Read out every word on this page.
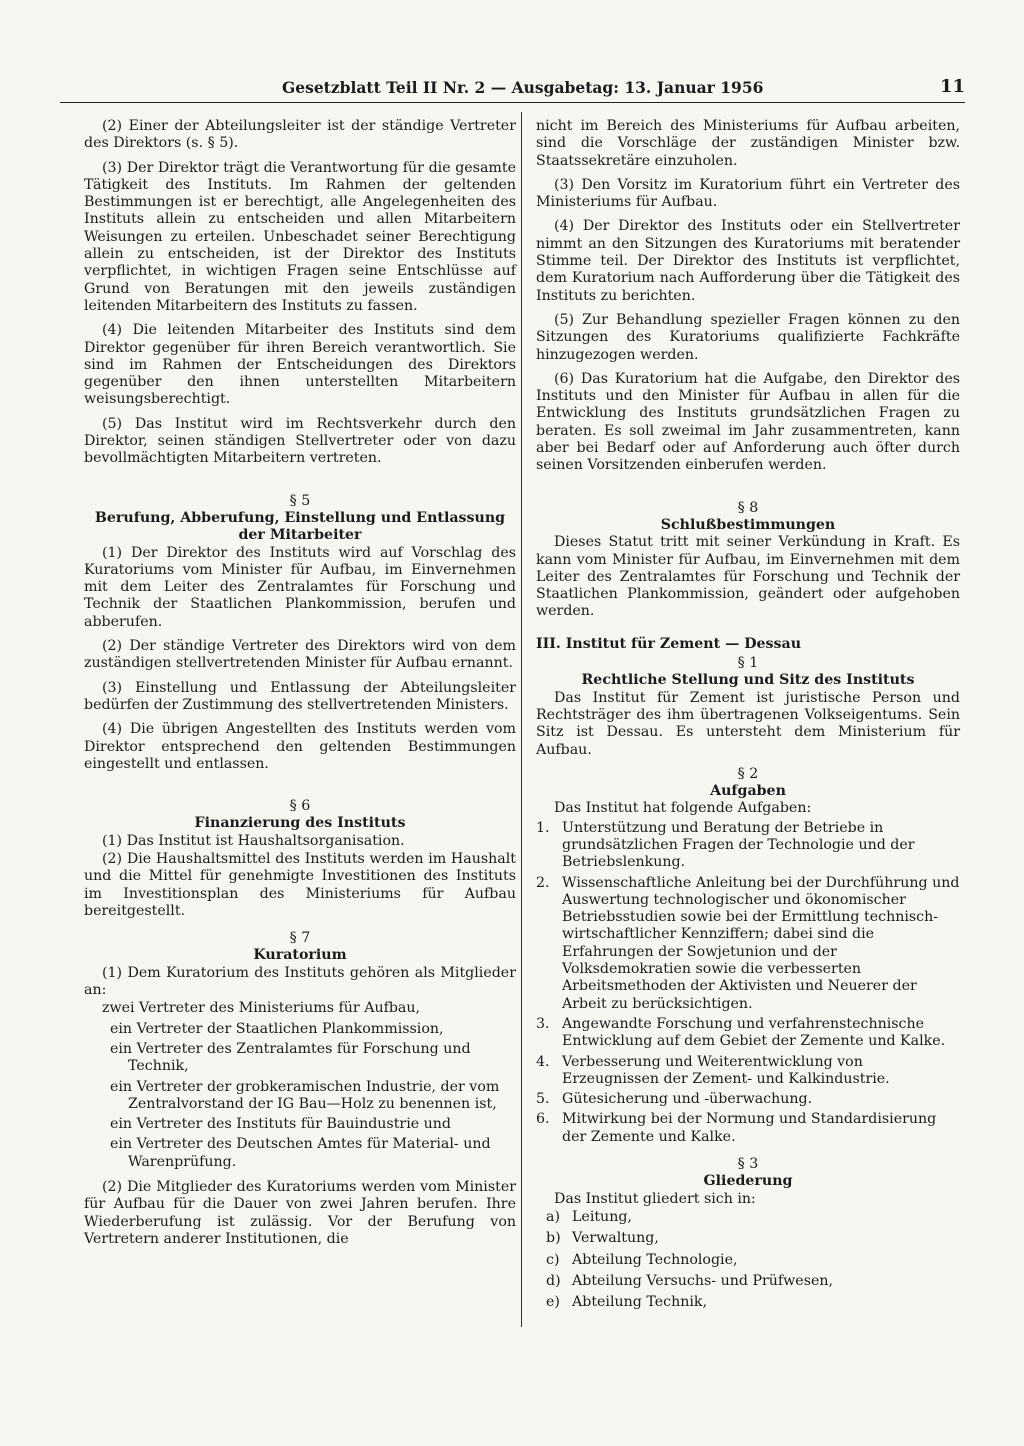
Gesetzblatt Teil II Nr. 2 — Ausgabetag: 13. Januar 1956	11

(2) Einer der Abteilungsleiter ist der ständige Vertreter des Direktors (s. § 5).

(3) Der Direktor trägt die Verantwortung für die gesamte Tätigkeit des Instituts. Im Rahmen der geltenden Bestimmungen ist er berechtigt, alle Angelegenheiten des Instituts allein zu entscheiden und allen Mitarbeitern Weisungen zu erteilen. Unbeschadet seiner Berechtigung allein zu entscheiden, ist der Direktor des Instituts verpflichtet, in wichtigen Fragen seine Entschlüsse auf Grund von Beratungen mit den jeweils zuständigen leitenden Mitarbeitern des Instituts zu fassen.

(4) Die leitenden Mitarbeiter des Instituts sind dem Direktor gegenüber für ihren Bereich verantwortlich. Sie sind im Rahmen der Entscheidungen des Direktors gegenüber den ihnen unterstellten Mitarbeitern weisungsberechtigt.

(5) Das Institut wird im Rechtsverkehr durch den Direktor, seinen ständigen Stellvertreter oder von dazu bevollmächtigten Mitarbeitern vertreten.

§ 5
Berufung, Abberufung, Einstellung und Entlassung der Mitarbeiter

(1) Der Direktor des Instituts wird auf Vorschlag des Kuratoriums vom Minister für Aufbau, im Einvernehmen mit dem Leiter des Zentralamtes für Forschung und Technik der Staatlichen Plankommission, berufen und abberufen.

(2) Der ständige Vertreter des Direktors wird von dem zuständigen stellvertretenden Minister für Aufbau ernannt.

(3) Einstellung und Entlassung der Abteilungsleiter bedürfen der Zustimmung des stellvertretenden Ministers.

(4) Die übrigen Angestellten des Instituts werden vom Direktor entsprechend den geltenden Bestimmungen eingestellt und entlassen.

§ 6
Finanzierung des Instituts

(1) Das Institut ist Haushaltsorganisation.

(2) Die Haushaltsmittel des Instituts werden im Haushalt und die Mittel für genehmigte Investitionen des Instituts im Investitionsplan des Ministeriums für Aufbau bereitgestellt.

§ 7
Kuratorium

(1) Dem Kuratorium des Instituts gehören als Mitglieder an:

zwei Vertreter des Ministeriums für Aufbau,
ein Vertreter der Staatlichen Plankommission,
ein Vertreter des Zentralamtes für Forschung und Technik,
ein Vertreter der grobkeramischen Industrie, der vom Zentralvorstand der IG Bau—Holz zu benennen ist,
ein Vertreter des Instituts für Bauindustrie und
ein Vertreter des Deutschen Amtes für Material- und Warenprüfung.

(2) Die Mitglieder des Kuratoriums werden vom Minister für Aufbau für die Dauer von zwei Jahren berufen. Ihre Wiederberufung ist zulässig. Vor der Berufung von Vertretern anderer Institutionen, die

nicht im Bereich des Ministeriums für Aufbau arbeiten, sind die Vorschläge der zuständigen Minister bzw. Staatssekretäre einzuholen.

(3) Den Vorsitz im Kuratorium führt ein Vertreter des Ministeriums für Aufbau.

(4) Der Direktor des Instituts oder ein Stellvertreter nimmt an den Sitzungen des Kuratoriums mit beratender Stimme teil. Der Direktor des Instituts ist verpflichtet, dem Kuratorium nach Aufforderung über die Tätigkeit des Instituts zu berichten.

(5) Zur Behandlung spezieller Fragen können zu den Sitzungen des Kuratoriums qualifizierte Fachkräfte hinzugezogen werden.

(6) Das Kuratorium hat die Aufgabe, den Direktor des Instituts und den Minister für Aufbau in allen für die Entwicklung des Instituts grundsätzlichen Fragen zu beraten. Es soll zweimal im Jahr zusammentreten, kann aber bei Bedarf oder auf Anforderung auch öfter durch seinen Vorsitzenden einberufen werden.

§ 8
Schlußbestimmungen

Dieses Statut tritt mit seiner Verkündung in Kraft. Es kann vom Minister für Aufbau, im Einvernehmen mit dem Leiter des Zentralamtes für Forschung und Technik der Staatlichen Plankommission, geändert oder aufgehoben werden.

III. Institut für Zement — Dessau

§ 1
Rechtliche Stellung und Sitz des Instituts

Das Institut für Zement ist juristische Person und Rechtsträger des ihm übertragenen Volkseigentums. Sein Sitz ist Dessau. Es untersteht dem Ministerium für Aufbau.

§ 2
Aufgaben

Das Institut hat folgende Aufgaben:

1. Unterstützung und Beratung der Betriebe in grundsätzlichen Fragen der Technologie und der Betriebslenkung.
2. Wissenschaftliche Anleitung bei der Durchführung und Auswertung technologischer und ökonomischer Betriebsstudien sowie bei der Ermittlung technisch-wirtschaftlicher Kennziffern; dabei sind die Erfahrungen der Sowjetunion und der Volksdemokratien sowie die verbesserten Arbeitsmethoden der Aktivisten und Neuerer der Arbeit zu berücksichtigen.
3. Angewandte Forschung und verfahrenstechnische Entwicklung auf dem Gebiet der Zemente und Kalke.
4. Verbesserung und Weiterentwicklung von Erzeugnissen der Zement- und Kalkindustrie.
5. Gütesicherung und -überwachung.
6. Mitwirkung bei der Normung und Standardisierung der Zemente und Kalke.
§ 3
Gliederung

Das Institut gliedert sich in:

a) Leitung,
b) Verwaltung,
c) Abteilung Technologie,
d) Abteilung Versuchs- und Prüfwesen,
e) Abteilung Technik,
